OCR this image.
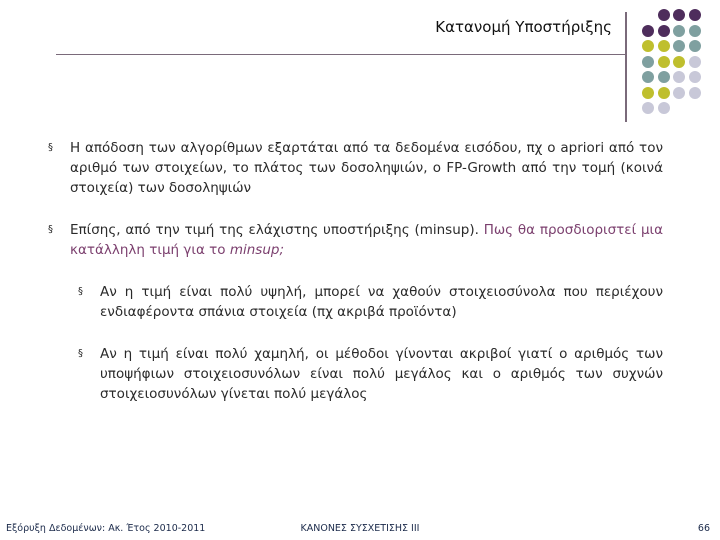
Κατανομή Υποστήριξης
§ Η απόδοση των αλγορίθμων εξαρτάται από τα δεδομένα εισόδου, πχ ο apriori από τον αριθμό των στοιχείων, το πλάτος των δοσοληψιών, ο FP-Growth από την τομή (κοινά στοιχεία) των δοσοληψιών
§ Επίσης, από την τιμή της ελάχιστης υποστήριξης (minsup). Πως θα προσδιοριστεί μια κατάλληλη τιμή για το minsup;
§ Αν η τιμή είναι πολύ υψηλή, μπορεί να χαθούν στοιχειοσύνολα που περιέχουν ενδιαφέροντα σπάνια στοιχεία (πχ ακριβά προϊόντα)
§ Αν η τιμή είναι πολύ χαμηλή, οι μέθοδοι γίνονται ακριβοί γιατί ο αριθμός των υποψήφιων στοιχειοσυνόλων είναι πολύ μεγάλος και ο αριθμός των συχνών στοιχειοσυνόλων γίνεται πολύ μεγάλος
Εξόρυξη Δεδομένων: Ακ. Έτος 2010-2011	ΚΑΝΟΝΕΣ ΣΥΣΧΕΤΙΣΗΣ ΙΙΙ	66
